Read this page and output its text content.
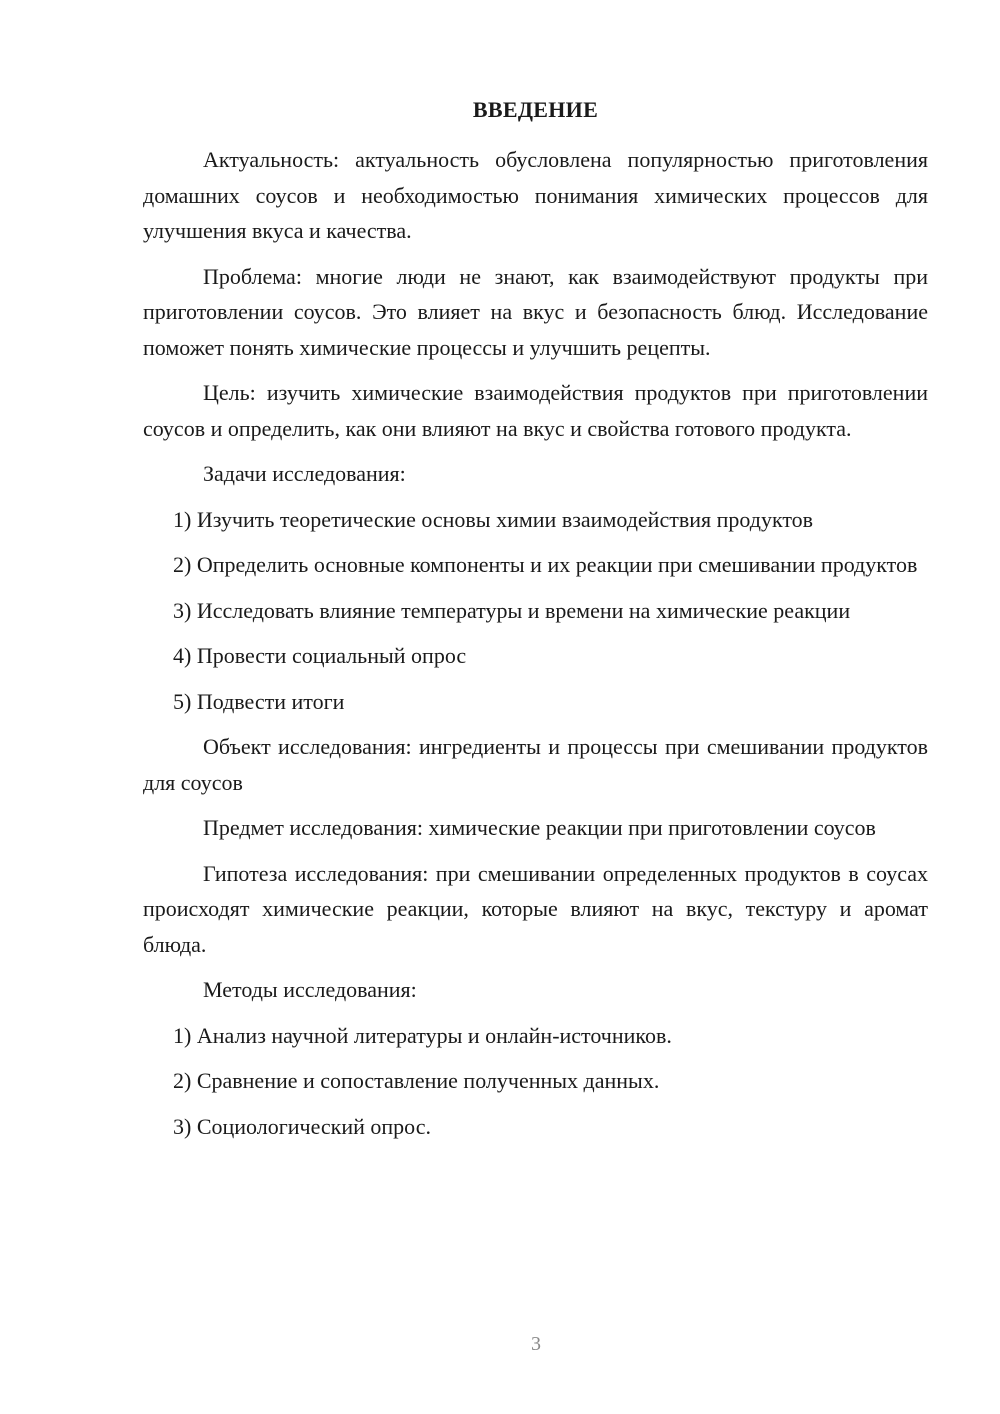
ВВЕДЕНИЕ

Актуальность: актуальность обусловлена популярностью приготовления домашних соусов и необходимостью понимания химических процессов для улучшения вкуса и качества.

Проблема: многие люди не знают, как взаимодействуют продукты при приготовлении соусов. Это влияет на вкус и безопасность блюд. Исследование поможет понять химические процессы и улучшить рецепты.

Цель: изучить химические взаимодействия продуктов при приготовлении соусов и определить, как они влияют на вкус и свойства готового продукта.

Задачи исследования:

1) Изучить теоретические основы химии взаимодействия продуктов

2) Определить основные компоненты и их реакции при смешивании продуктов

3) Исследовать влияние температуры и времени на химические реакции

4) Провести социальный опрос

5) Подвести итоги

Объект исследования: ингредиенты и процессы при смешивании продуктов для соусов

Предмет исследования: химические реакции при приготовлении соусов

Гипотеза исследования: при смешивании определенных продуктов в соусах происходят химические реакции, которые влияют на вкус, текстуру и аромат блюда.

Методы исследования:

1) Анализ научной литературы и онлайн-источников.

2) Сравнение и сопоставление полученных данных.

3) Социологический опрос.

3
